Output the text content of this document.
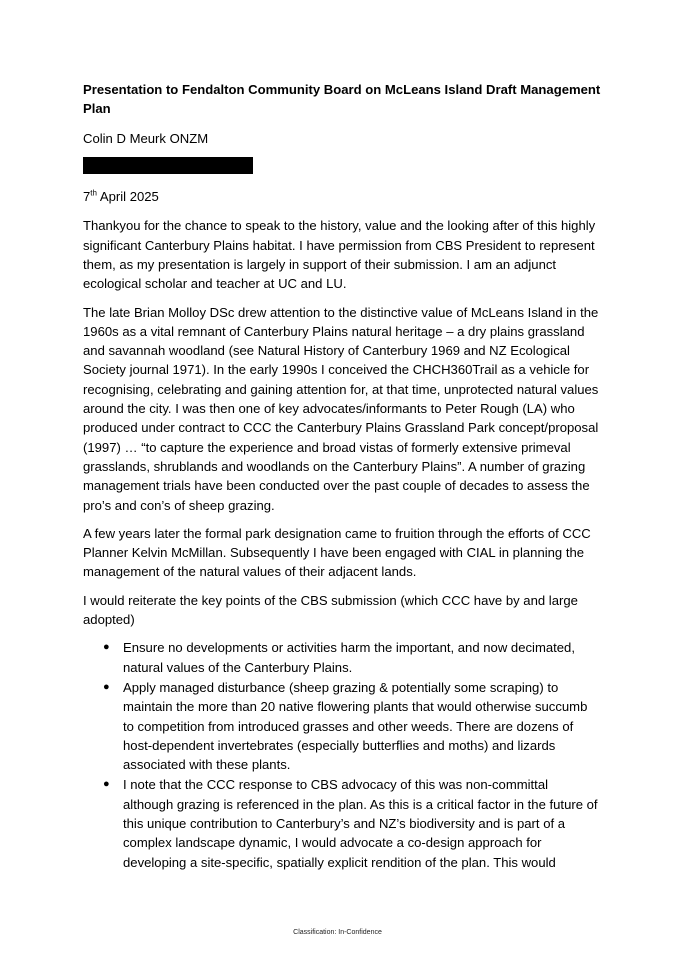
Presentation to Fendalton Community Board on McLeans Island Draft Management Plan
Colin D Meurk ONZM
7th April 2025

Thankyou for the chance to speak to the history, value and the looking after of this highly significant Canterbury Plains habitat. I have permission from CBS President to represent them, as my presentation is largely in support of their submission. I am an adjunct ecological scholar and teacher at UC and LU.

The late Brian Molloy DSc drew attention to the distinctive value of McLeans Island in the 1960s as a vital remnant of Canterbury Plains natural heritage – a dry plains grassland and savannah woodland (see Natural History of Canterbury 1969 and NZ Ecological Society journal 1971). In the early 1990s I conceived the CHCH360Trail as a vehicle for recognising, celebrating and gaining attention for, at that time, unprotected natural values around the city. I was then one of key advocates/informants to Peter Rough (LA) who produced under contract to CCC the Canterbury Plains Grassland Park concept/proposal (1997) … “to capture the experience and broad vistas of formerly extensive primeval grasslands, shrublands and woodlands on the Canterbury Plains”. A number of grazing management trials have been conducted over the past couple of decades to assess the pro’s and con’s of sheep grazing.

A few years later the formal park designation came to fruition through the efforts of CCC Planner Kelvin McMillan. Subsequently I have been engaged with CIAL in planning the management of the natural values of their adjacent lands.

I would reiterate the key points of the CBS submission (which CCC have by and large adopted)

● Ensure no developments or activities harm the important, and now decimated, natural values of the Canterbury Plains.
● Apply managed disturbance (sheep grazing & potentially some scraping) to maintain the more than 20 native flowering plants that would otherwise succumb to competition from introduced grasses and other weeds. There are dozens of host-dependent invertebrates (especially butterflies and moths) and lizards associated with these plants.
● I note that the CCC response to CBS advocacy of this was non-committal although grazing is referenced in the plan. As this is a critical factor in the future of this unique contribution to Canterbury’s and NZ’s biodiversity and is part of a complex landscape dynamic, I would advocate a co-design approach for developing a site-specific, spatially explicit rendition of the plan. This would
Classification: In-Confidence
